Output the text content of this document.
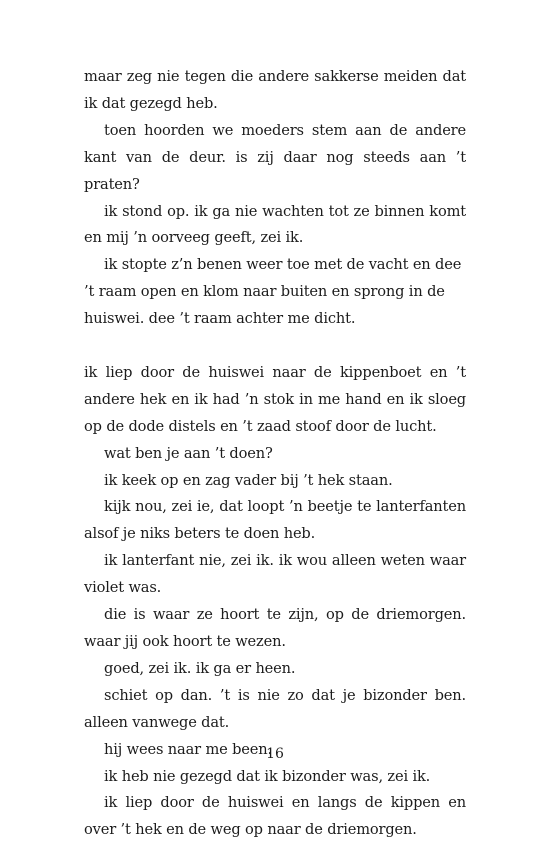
maar zeg nie tegen die andere sakkerse meiden dat ik dat gezegd heb.

toen hoorden we moeders stem aan de andere kant van de deur. is zij daar nog steeds aan ’t praten?

ik stond op. ik ga nie wachten tot ze binnen komt en mij ’n oorveeg geeft, zei ik.

ik stopte z’n benen weer toe met de vacht en dee ’t raam open en klom naar buiten en sprong in de huiswei. dee ’t raam achter me dicht.

ik liep door de huiswei naar de kippenboet en ’t andere hek en ik had ’n stok in me hand en ik sloeg op de dode distels en ’t zaad stoof door de lucht.

wat ben je aan ’t doen?

ik keek op en zag vader bij ’t hek staan.

kijk nou, zei ie, dat loopt ’n beetje te lanterfanten alsof je niks beters te doen heb.

ik lanterfant nie, zei ik. ik wou alleen weten waar violet was.

die is waar ze hoort te zijn, op de driemorgen. waar jij ook hoort te wezen.

goed, zei ik. ik ga er heen.

schiet op dan. ’t is nie zo dat je bizonder ben. alleen vanwege dat.

hij wees naar me been.

ik heb nie gezegd dat ik bizonder was, zei ik.

ik liep door de huiswei en langs de kippen en over ’t hek en de weg op naar de driemorgen.

16
